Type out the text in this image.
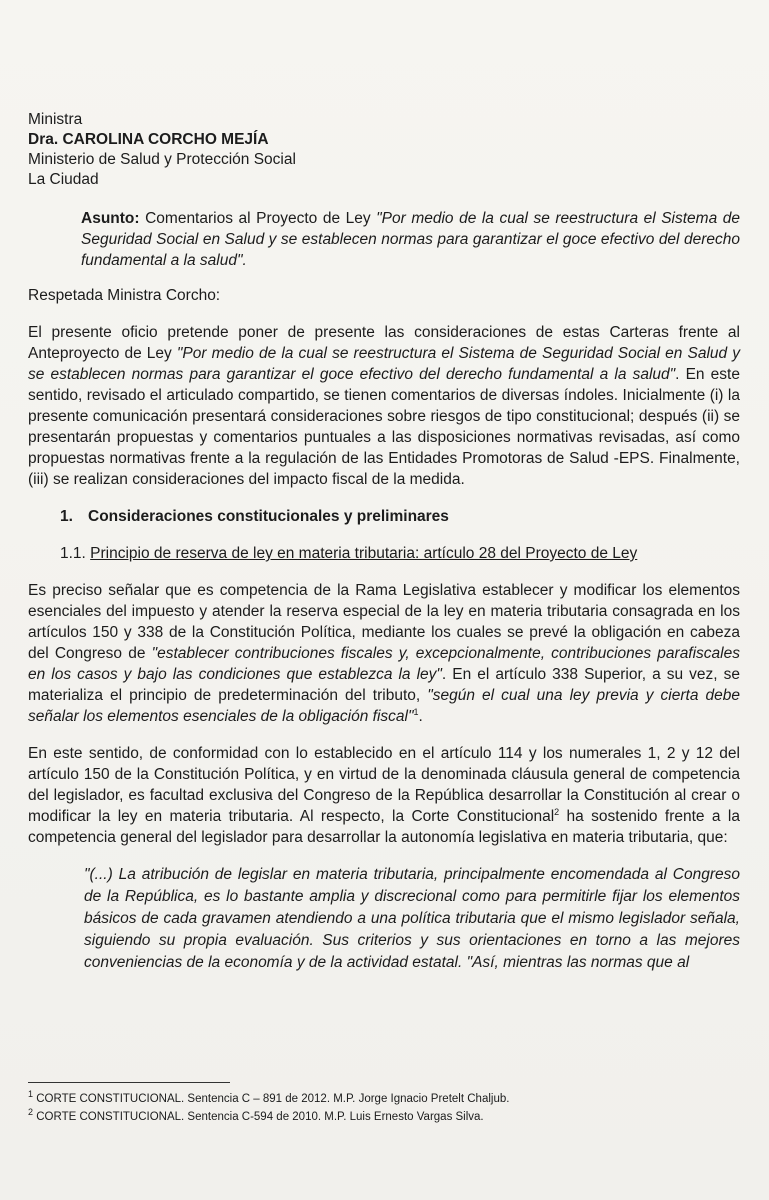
Ministra

Dra. CAROLINA CORCHO MEJÍA

Ministerio de Salud y Protección Social

La Ciudad

Asunto: Comentarios al Proyecto de Ley "Por medio de la cual se reestructura el Sistema de Seguridad Social en Salud y se establecen normas para garantizar el goce efectivo del derecho fundamental a la salud".

Respetada Ministra Corcho:

El presente oficio pretende poner de presente las consideraciones de estas Carteras frente al Anteproyecto de Ley "Por medio de la cual se reestructura el Sistema de Seguridad Social en Salud y se establecen normas para garantizar el goce efectivo del derecho fundamental a la salud". En este sentido, revisado el articulado compartido, se tienen comentarios de diversas índoles. Inicialmente (i) la presente comunicación presentará consideraciones sobre riesgos de tipo constitucional; después (ii) se presentarán propuestas y comentarios puntuales a las disposiciones normativas revisadas, así como propuestas normativas frente a la regulación de las Entidades Promotoras de Salud -EPS. Finalmente, (iii) se realizan consideraciones del impacto fiscal de la medida.

1. Consideraciones constitucionales y preliminares
1.1. Principio de reserva de ley en materia tributaria: artículo 28 del Proyecto de Ley

Es preciso señalar que es competencia de la Rama Legislativa establecer y modificar los elementos esenciales del impuesto y atender la reserva especial de la ley en materia tributaria consagrada en los artículos 150 y 338 de la Constitución Política, mediante los cuales se prevé la obligación en cabeza del Congreso de "establecer contribuciones fiscales y, excepcionalmente, contribuciones parafiscales en los casos y bajo las condiciones que establezca la ley". En el artículo 338 Superior, a su vez, se materializa el principio de predeterminación del tributo, "según el cual una ley previa y cierta debe señalar los elementos esenciales de la obligación fiscal"$^1$.

En este sentido, de conformidad con lo establecido en el artículo 114 y los numerales 1, 2 y 12 del artículo 150 de la Constitución Política, y en virtud de la denominada cláusula general de competencia del legislador, es facultad exclusiva del Congreso de la República desarrollar la Constitución al crear o modificar la ley en materia tributaria. Al respecto, la Corte Constitucional$^2$ ha sostenido frente a la competencia general del legislador para desarrollar la autonomía legislativa en materia tributaria, que:

"(...) La atribución de legislar en materia tributaria, principalmente encomendada al Congreso de la República, es lo bastante amplia y discrecional como para permitirle fijar los elementos básicos de cada gravamen atendiendo a una política tributaria que el mismo legislador señala, siguiendo su propia evaluación. Sus criterios y sus orientaciones en torno a las mejores conveniencias de la economía y de la actividad estatal. "Así, mientras las normas que al

$^1$ CORTE CONSTITUCIONAL. Sentencia C – 891 de 2012. M.P. Jorge Ignacio Pretelt Chaljub.

$^2$ CORTE CONSTITUCIONAL. Sentencia C-594 de 2010. M.P. Luis Ernesto Vargas Silva.
